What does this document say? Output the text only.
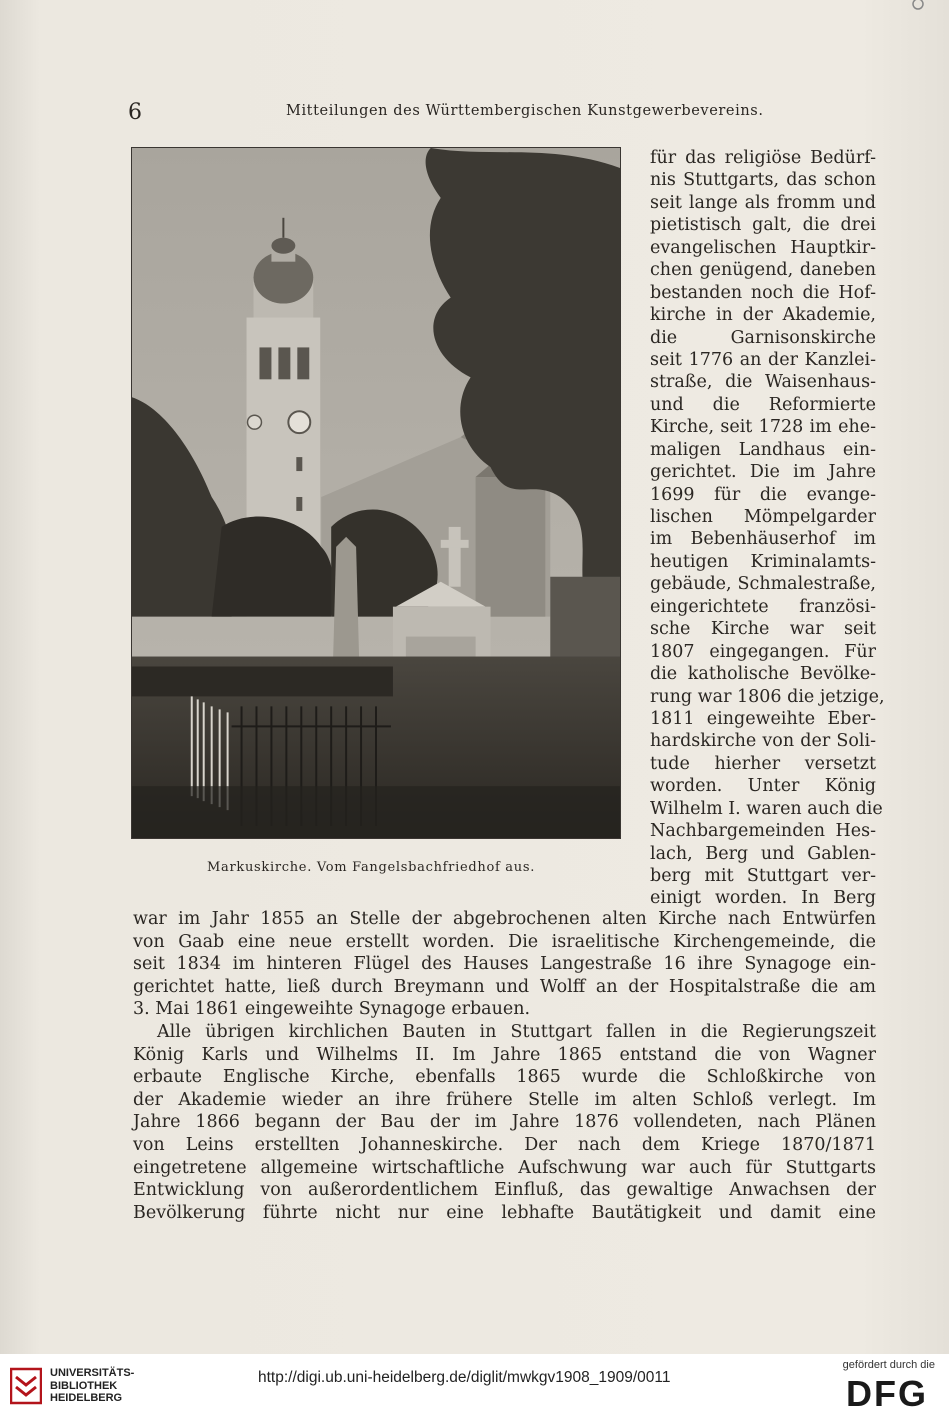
6	Mitteilungen des Württembergischen Kunstgewerbevereins.
Markuskirche. Vom Fangelsbachfriedhof aus.
für das religiöse Bedürf-
nis Stuttgarts, das schon
seit lange als fromm und
pietistisch galt, die drei
evangelischen Hauptkir-
chen genügend, daneben
bestanden noch die Hof-
kirche in der Akademie,
die Garnisonskirche
seit 1776 an der Kanzlei-
straße, die Waisenhaus-
und die Reformierte
Kirche, seit 1728 im ehe-
maligen Landhaus ein-
gerichtet. Die im Jahre
1699 für die evange-
lischen Mömpelgarder
im Bebenhäuserhof im
heutigen Kriminalamts-
gebäude, Schmalestraße,
eingerichtete französi-
sche Kirche war seit
1807 eingegangen. Für
die katholische Bevölke-
rung war 1806 die jetzige,
1811 eingeweihte Eber-
hardskirche von der Soli-
tude hierher versetzt
worden. Unter König
Wilhelm I. waren auch die
Nachbargemeinden Hes-
lach, Berg und Gablen-
berg mit Stuttgart ver-
einigt worden. In Berg
war im Jahr 1855 an Stelle der abgebrochenen alten Kirche nach Entwürfen
von Gaab eine neue erstellt worden. Die israelitische Kirchengemeinde, die
seit 1834 im hinteren Flügel des Hauses Langestraße 16 ihre Synagoge ein-
gerichtet hatte, ließ durch Breymann und Wolff an der Hospitalstraße die am
3. Mai 1861 eingeweihte Synagoge erbauen.
Alle übrigen kirchlichen Bauten in Stuttgart fallen in die Regierungszeit
König Karls und Wilhelms II. Im Jahre 1865 entstand die von Wagner
erbaute Englische Kirche, ebenfalls 1865 wurde die Schloßkirche von
der Akademie wieder an ihre frühere Stelle im alten Schloß verlegt. Im
Jahre 1866 begann der Bau der im Jahre 1876 vollendeten, nach Plänen
von Leins erstellten Johanneskirche. Der nach dem Kriege 1870/1871
eingetretene allgemeine wirtschaftliche Aufschwung war auch für Stuttgarts
Entwicklung von außerordentlichem Einfluß, das gewaltige Anwachsen der
Bevölkerung führte nicht nur eine lebhafte Bautätigkeit und damit eine
UNIVERSITÄTS-
BIBLIOTHEK
HEIDELBERG
http://digi.ub.uni-heidelberg.de/diglit/mwkgv1908_1909/0011
gefördert durch die
DFG
